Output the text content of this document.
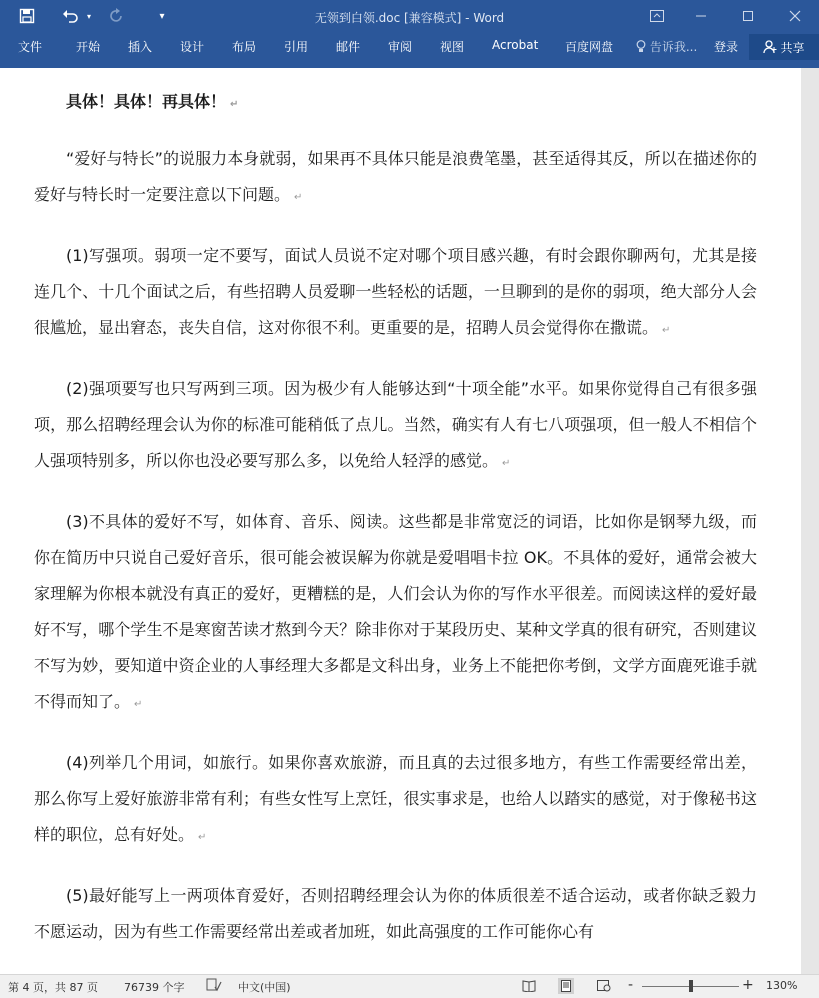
▾	▾	无领到白领.doc [兼容模式] - Word
文件	开始 插入 设计 布局 引用 邮件 审阅 视图 Acrobat 百度网盘	告诉我... 登录	共享

具体！具体！再具体！ ↵

“爱好与特长”的说服力本身就弱，如果再不具体只能是浪费笔墨，甚至适得其反，所以在描述你的爱好与特长时一定要注意以下问题。 ↵

(1)写强项。弱项一定不要写，面试人员说不定对哪个项目感兴趣，有时会跟你聊两句，尤其是接连几个、十几个面试之后，有些招聘人员爱聊一些轻松的话题，一旦聊到的是你的弱项，绝大部分人会很尴尬，显出窘态，丧失自信，这对你很不利。更重要的是，招聘人员会觉得你在撒谎。 ↵

(2)强项要写也只写两到三项。因为极少有人能够达到“十项全能”水平。如果你觉得自己有很多强项，那么招聘经理会认为你的标准可能稍低了点儿。当然，确实有人有七八项强项，但一般人不相信个人强项特别多，所以你也没必要写那么多，以免给人轻浮的感觉。 ↵

(3)不具体的爱好不写，如体育、音乐、阅读。这些都是非常宽泛的词语，比如你是钢琴九级，而你在简历中只说自己爱好音乐，很可能会被误解为你就是爱唱唱卡拉 OK。不具体的爱好，通常会被大家理解为你根本就没有真正的爱好，更糟糕的是，人们会认为你的写作水平很差。而阅读这样的爱好最好不写，哪个学生不是寒窗苦读才熬到今天？除非你对于某段历史、某种文学真的很有研究，否则建议不写为妙，要知道中资企业的人事经理大多都是文科出身，业务上不能把你考倒，文学方面鹿死谁手就不得而知了。 ↵

(4)列举几个用词，如旅行。如果你喜欢旅游，而且真的去过很多地方，有些工作需要经常出差，那么你写上爱好旅游非常有利；有些女性写上烹饪，很实事求是，也给人以踏实的感觉，对于像秘书这样的职位，总有好处。 ↵

(5)最好能写上一两项体育爱好，否则招聘经理会认为你的体质很差不适合运动，或者你缺乏毅力不愿运动，因为有些工作需要经常出差或者加班，如此高强度的工作可能你心有

第 4 页，共 87 页 76739 个字	中文(中国)	-	+ 130%
